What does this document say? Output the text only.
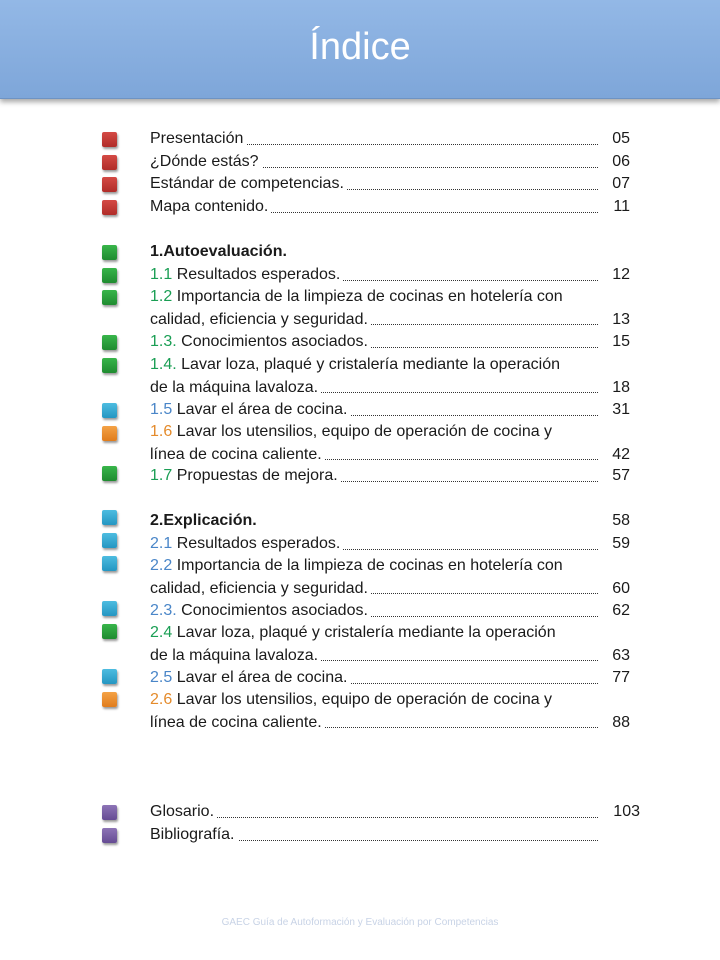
Índice
Presentación	05
¿Dónde estás?	06
Estándar de competencias.	07
Mapa contenido.	11
1.Autoevaluación.
1.1 Resultados esperados.	12
1.2 Importancia de la limpieza de cocinas en hotelería con
calidad, eficiencia y seguridad.	13
1.3. Conocimientos asociados.	15
1.4. Lavar loza, plaqué y cristalería mediante la operación
de la máquina lavaloza.	18
1.5 Lavar el área de cocina.	31
1.6 Lavar los utensilios, equipo de operación de cocina y
línea de cocina caliente.	42
1.7 Propuestas de mejora.	57
2.Explicación.	58
2.1 Resultados esperados.	59
2.2 Importancia de la limpieza de cocinas en hotelería con
calidad, eficiencia y seguridad.	60
2.3. Conocimientos asociados.	62
2.4 Lavar loza, plaqué y cristalería mediante la operación
de la máquina lavaloza.	63
2.5 Lavar el área de cocina.	77
2.6 Lavar los utensilios, equipo de operación de cocina y
línea de cocina caliente.	88
Glosario.	103
Bibliografía.
GAEC Guía de Autoformación y Evaluación por Competencias
